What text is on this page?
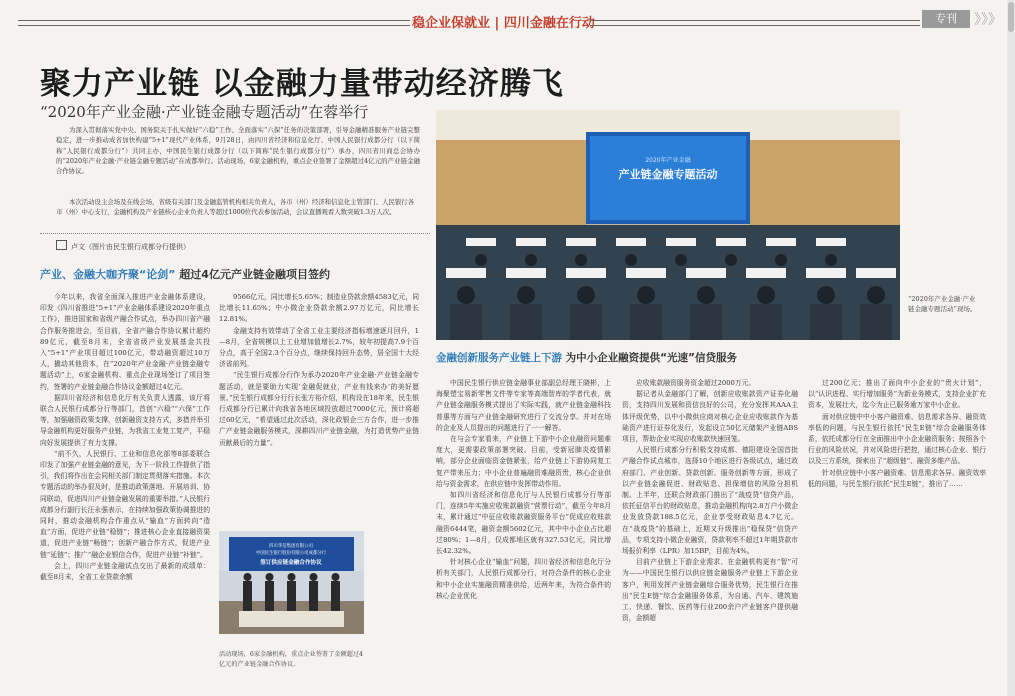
稳企业保就业 | 四川金融在行动	专刊	》》》
聚力产业链 以金融力量带动经济腾飞
“2020年产业金融·产业链金融专题活动”在蓉举行

为深入贯彻落实党中央、国务院关于扎实做好“六稳”工作、全面落实“六保”任务的决策部署，引导金融精准服务产业链完整稳定，进一步推动成省加快构建“5+1”现代产业体系，9月28日，由四川省经济和信息化厅、中国人民银行成都分行（以下简称“人民银行成都分行”）共同主办，中国民生银行成都分行（以下简称“民生银行成都分行”）承办，四川省川商总会协办的“2020年产业金融·产业链金融专题活动”在成都举行。活动现场，6家金融机构，重点企业签署了金额超过4亿元的产业链金融合作协议。

本次活动设主会场及在线会场，省级有关部门及金融监管机构相关负责人，各市（州）经济和信息化主管部门、人民银行各市（州）中心支行，金融机构及产业链核心企业负责人等超过1000位代表参加活动，会议直播观看人数突破1.3万人次。

卢文（图片由民生银行成都分行提供）
产业、金融大咖齐聚“论剑” 超过4亿元产业链金融项目签约

今年以来，我省全面深入推进产业金融体系建设，印发《四川省推进“5+1”产业金融体系建设2020年重点工作》，推进国家和省级产融合作试点，举办四川省产融合作服务推进会，至目前，全省产融合作协议累计超约89亿元，截至8月末，全省省级产业发展基金共投入“5+1”产业项目超过100亿元，带动融资超过10万人，撬动其他资本，在“2020年产业金融·产业链金融专题活动”上，6家金融机构、重点企业现场签订了项目签约，签署的产业链金融合作协议金额超过4亿元。

据四川省经济和信息化厅有关负责人透露，该厅将联合人民银行成都分行等部门，首创“六稳”“六保”工作等，加强融资政策支撑，创新融资支持方式，多措并举引导金融机构更好服务产业链，为我省工业复工复产，平稳向好发展提供了有力支撑。

“前不久，人民银行、工业和信息化部等8部委联合印发了加强产业链金融的意见，为下一阶段工作提供了指引，我们将作出在会同相关部门制定贯彻落实措施。本次专题活动的举办很及时，是推动政策落地、开展培训、协同联动，促进四川产业链金融发展的重要举措。”人民银行成都分行副行长汪永强表示，在持续加强政策协调推进的同时，推动金融机构合作重点从“输血”方面转向“造血”方面，促进产业链“稳链”；推进核心企业直接融资渠道，促进产业链“畅链”；创新产融合作方式，促进产业链“延链”；推广“融企业银信合作，促进产业链“补链”。

会上，四川产业链金融试点交出了最新的成绩单：截至8月末，全省工业贷款余额

9566亿元，同比增长5.65%；制造业贷款余额4583亿元，同比增长11.65%；中小微企业贷款余额2.97万亿元，同比增长12.81%。

金融支持有效带动了全省工业主要经济指标增速逐月回升，1—8月，全省规模以上工业增加值增长2.7%，较年初提高7.9个百分点，高于全国2.3个百分点，继续保持回升态势，居全国十大经济省前列。

“民生银行成都分行作为承办2020年产业金融·产业链金融专题活动，就是要助力实现‘金融促就业，产业有钱来办’的美好愿景。”民生银行成都分行行长张方裕介绍，机构设在18年来，民生银行成都分行已累计向我省各地区域投放超过7000亿元，预计将超过60亿元，“希望通过此次活动，深化政银企三方合作，进一步推广产业链金融服务模式，深耕四川产业链金融，为打造优势产业链贡献最后的力量”。

四川华信集团有限公司
中国民生银行股份有限公司成都分行
签订供应链金融合作协议
活动现场，6家金融机构，重点企业签署了金额超过4亿元的产业链金融合作协议。
2020年产业金融
产业链金融专题活动
“2020年产业金融·产业链金融专题活动”现场。
金融创新服务产业链上下游 为中小企业融资提供“光速”信贷服务

中国民生银行供应链金融事业部副总经理王晓彬，上海聚塑宝易新零售文件等专家等高端智库的学者代表，就产业链金融服务模式提出了实际实践，就产业链金融科技普惠等方面与产业链金融研究进行了交流分享。并对在场的企业及人员提出的问题进行了一一解答。

在与会专家看来，产业链上下游中小企业融资问题难度大，更需要政策部署突破。目前，受新冠肺炎疫情影响，部分企业面临资金链紧张，给产业链上下游协同复工复产带来压力；中小企业普遍融资难融资贵，核心企业供给与资金需求，在供应链中发挥带动作用。

如四川省经济和信息化厅与人民银行成都分行等部门，连续5年实施应收账款融资“营票行动”，截至今年8月末，累计通过“中征应收账款融资服务平台”促成应收账款融资6444笔，融资金额5602亿元，其中中小企业占比超过80%；1—8月，仅成都地区就有327.53亿元，同比增长42.32%。

针对核心企业“输血”问题，四川省经济和信息化厅分析有关部门，人民银行成都分行，对符合条件的核心企业和中小企业实施融资精准供给，近两年来，为符合条件的核心企业优化

应收账款融资服务资金超过2000万元。

据记者从金融部门了解，创新应收账款资产证券化融资，支持四川发展和资信良好的公司，充分发挥其AAA主体评级优势，以中小微供应商对核心企业应收账款作为基础资产进行证券化发行，发起设立50亿元储架产业链ABS项目，帮助企业实现应收账款快速回笼。

人民银行成都分行积极支持成都、德阳建设全国首批产融合作试点城市，选择10个地区进行各级试点，通过政府部门、产业创新、贷款创新、服务创新等方面，形成了以产业链金融促进、财政贴息、担保增信的风险分担机制。上半年，还联合财政部门推出了“战疫贷”信贷产品，依托征信平台的财政贴息，推动金融机构向2.8万户小微企业发放贷款188.5亿元，企业享受财政贴息4.7亿元。在“战疫贷”的基础上，近期又升级推出“稳保贷”信贷产品，专项支持小微企业融资，贷款利率不超过1年期贷款市场报价利率（LPR）加15BP，目前为4%。

目前产业链上下游企业需求、在金融机构更有“智”可为——中国民生银行以供应链金融服务产业链上下游企业客户，利用发挥产业链金融综合服务优势，民生银行在推出“民生E链”综合金融服务体系，为自通、汽车、建筑施工、快递、餐饮、医药等行业200余户产业链客户提供融资，金额超

过200亿元；推出了面向中小企业的“贵火计划”，以“认识进程、实行增加服务”为新业务模式，支持企业扩充资本，发展壮大，迄今为止已服务逾万家中小企业。

面对供应链中中小客户融资难、信息需求各异、融资效率低的问题，与民生银行依托“民生E链”综合金融服务体系，依托成都分行在全面推出中小企业融资服务；按照各个行业的风险状况，并对风险进行把控，通过核心企业、银行以及三方系统，探索出了“超级链”、融资多维产品。

针对供应链中小客户融资难、信息需求各异、融资效率低的问题，与民生银行依托“民生E链”，推出了……
